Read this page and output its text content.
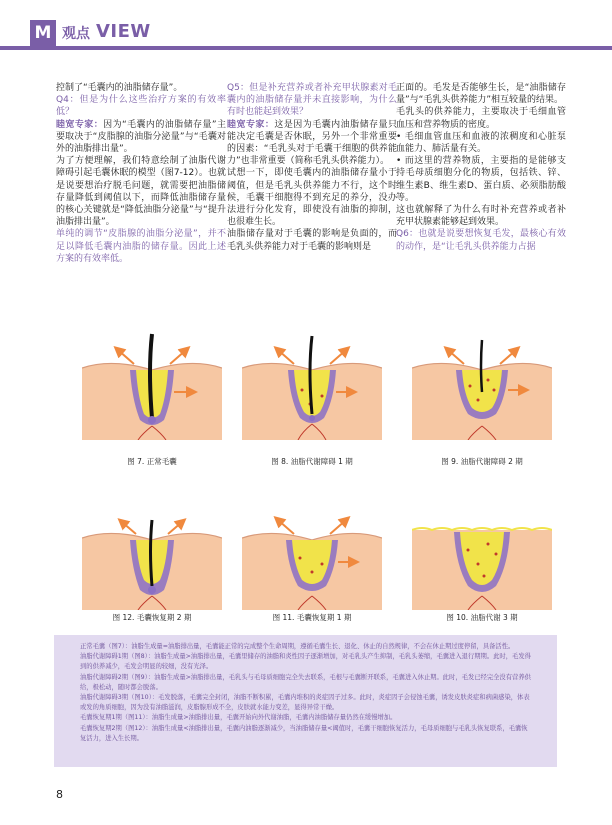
M 观点 VIEW

控制了“毛囊内的油脂储存量”。

Q4：但是为什么这些治疗方案的有效率低？

睦宽专家：因为“毛囊内的油脂储存量”主要取决于“皮脂腺的油脂分泌量”与“毛囊对外的油脂排出量”。

为了方便理解，我们特意绘制了油脂代谢障碍引起毛囊休眠的模型（图7-12）。也就是说要想治疗脱毛问题，就需要把油脂储存量降低到阈值以下，而降低油脂储存量的核心关键就是“降低油脂分泌量”与“提升油脂排出量”。

单纯的调节“皮脂腺的油脂分泌量”，并不足以降低毛囊内油脂的储存量。因此上述方案的有效率低。

Q5：但是补充营养或者补充甲状腺素对毛囊内的油脂储存量并未直接影响，为什么有时也能起到效果？

睦宽专家：这是因为毛囊内油脂储存量只能决定毛囊是否休眠，另外一个非常重要的因素：“毛乳头对于毛囊干细胞的供养能力”也非常重要（简称毛乳头供养能力）。

试想一下，即使毛囊内的油脂储存量小于阈值，但是毛乳头供养能力不行，这个时候，毛囊干细胞得不到充足的养分，没办法进行分化发育，即使没有油脂的抑制，也很难生长。

油脂储存量对于毛囊的影响是负面的，而毛乳头供养能力对于毛囊的影响则是

正面的。毛发是否能够生长，是“油脂储存量”与“毛乳头供养能力”相互较量的结果。

毛乳头的供养能力，主要取决于毛细血管血压和营养物质的密度。

• 毛细血管血压和血液的浓稠度和心脏泵血能力、肺活量有关。

• 而这里的营养物质，主要指的是能够支持毛母质细胞分化的物质，包括铁、锌、维生素B、维生素D、蛋白质、必须脂肪酸等。

这也就解释了为什么有时补充营养或者补充甲状腺素能够起到效果。

Q6：也就是说要想恢复毛发，最核心有效的动作，是“让毛乳头供养能力占据

图 7. 正常毛囊	图 8. 油脂代谢障碍 1 期	图 9. 油脂代谢障碍 2 期
图 12. 毛囊恢复期 2 期	图 11. 毛囊恢复期 1 期	图 10. 油脂代谢 3 期

正常毛囊（图7）：油脂生成量=油脂排出量，毛囊能正常的完成整个生命周期，遵循毛囊生长、退化、休止的自然规律，不会在休止期过度停留，具备活性。

油脂代谢障碍1期（图8）：油脂生成量>油脂排出量，毛囊里储存的油脂和炎性因子逐渐增加，对毛乳头产生抑制，毛乳头萎缩，毛囊进入退行期期。此时，毛发得到的供养减少，毛发会明显的较细，没有光泽。

油脂代谢障碍2期（图9）：油脂生成量>油脂排出量，毛乳头与毛母质细胞完全失去联系，毛根与毛囊断开联系，毛囊进入休止期。此时，毛发已经完全没有营养供给，极松动，随时都会脱落。

油脂代谢障碍3期（图10）：毛发脱落，毛囊完全封闭，油脂不断积累，毛囊内堆积的炎症因子过多。此时，炎症因子会侵蚀毛囊，诱发皮肤炎症和病菌感染，体表或发的角质细胞，因为没有油脂滋润，皮脂腺形成不全，皮肤就水能力变差，显得异常干燥。

毛囊恢复期1期（图11）：油脂生成量>油脂排出量，毛囊开始向外代谢油脂，毛囊内油脂储存量仍然在缓慢增加。

毛囊恢复期2期（图12）：油脂生成量<油脂排出量，毛囊内油脂逐渐减少，当油脂储存量<阈值时，毛囊干细胞恢复活力，毛母质细胞与毛乳头恢复联系，毛囊恢复活力，进入生长期。

8
